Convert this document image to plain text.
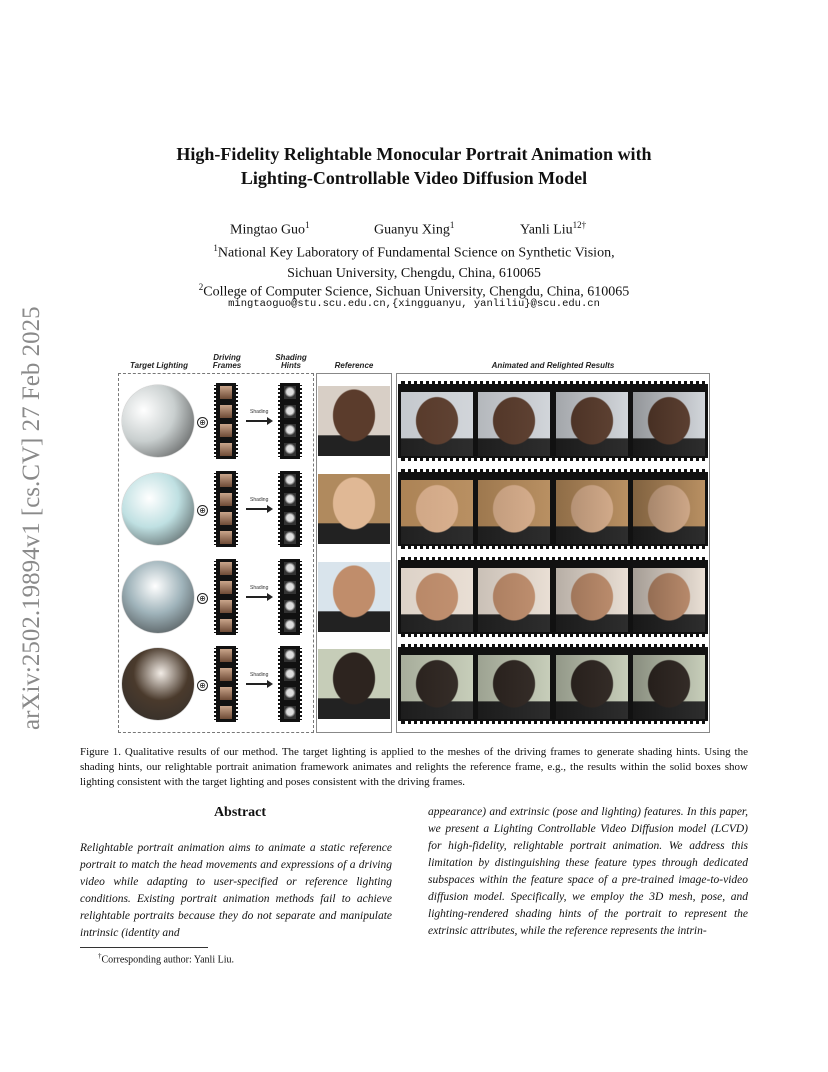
arXiv:2502.19894v1 [cs.CV] 27 Feb 2025
High-Fidelity Relightable Monocular Portrait Animation with
Lighting-Controllable Video Diffusion Model
Mingtao Guo$^1$	Guanyu Xing$^1$	Yanli Liu$^{12\dagger}$
$^1$National Key Laboratory of Fundamental Science on Synthetic Vision,
Sichuan University, Chengdu, China, 610065
$^2$College of Computer Science, Sichuan University, Chengdu, China, 610065
mingtaoguo@stu.scu.edu.cn,{xingguanyu, yanliliu}@scu.edu.cn
Target Lighting
Driving
Frames
Shading
Hints	Reference	Animated and Relighted Results
⊕
Shading
⊕
Shading
⊕
Shading
⊕
Shading
Figure 1. Qualitative results of our method. The target lighting is applied to the meshes of the driving frames to generate shading hints. Using the shading hints, our relightable portrait animation framework animates and relights the reference frame, e.g., the results within the solid boxes show lighting consistent with the target lighting and poses consistent with the driving frames.
Abstract
Relightable portrait animation aims to animate a static reference portrait to match the head movements and expressions of a driving video while adapting to user-specified or reference lighting conditions. Existing portrait animation methods fail to achieve relightable portraits because they do not separate and manipulate intrinsic (identity and
appearance) and extrinsic (pose and lighting) features. In this paper, we present a Lighting Controllable Video Diffusion model (LCVD) for high-fidelity, relightable portrait animation. We address this limitation by distinguishing these feature types through dedicated subspaces within the feature space of a pre-trained image-to-video diffusion model. Specifically, we employ the 3D mesh, pose, and lighting-rendered shading hints of the portrait to represent the extrinsic attributes, while the reference represents the intrin-
†Corresponding author: Yanli Liu.
